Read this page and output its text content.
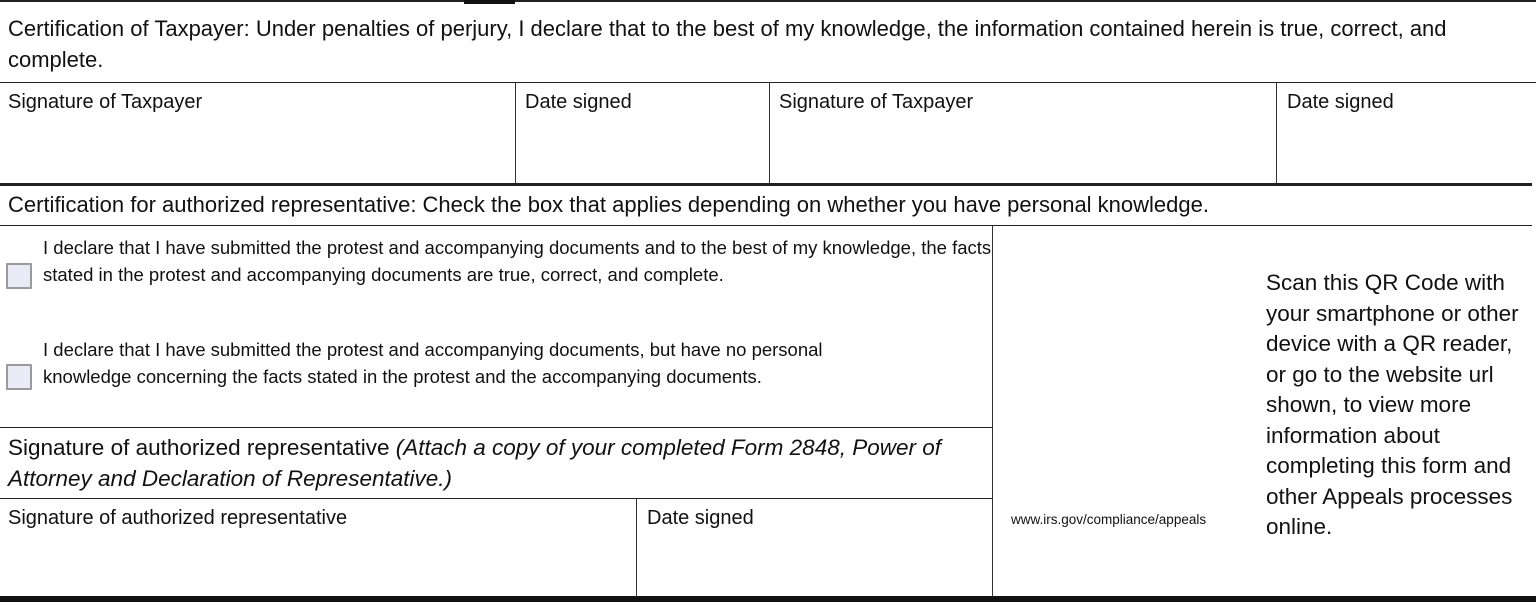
Certification of Taxpayer: Under penalties of perjury, I declare that to the best of my knowledge, the information contained herein is true, correct, and complete.
Signature of Taxpayer	Date signed	Signature of Taxpayer	Date signed
Certification for authorized representative: Check the box that applies depending on whether you have personal knowledge.
I declare that I have submitted the protest and accompanying documents and to the best of my knowledge, the facts stated in the protest and accompanying documents are true, correct, and complete.
I declare that I have submitted the protest and accompanying documents, but have no personal knowledge concerning the facts stated in the protest and the accompanying documents.
Signature of authorized representative (Attach a copy of your completed Form 2848, Power of Attorney and Declaration of Representative.)
Signature of authorized representative	Date signed	www.irs.gov/compliance/appeals
Scan this QR Code with your smartphone or other device with a QR reader, or go to the website url shown, to view more information about completing this form and other Appeals processes online.
